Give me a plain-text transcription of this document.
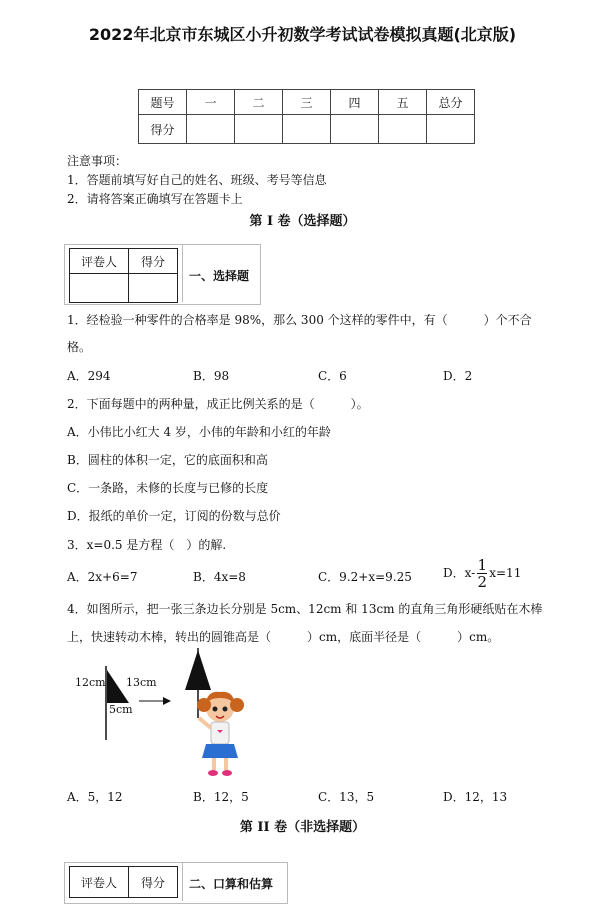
2022年北京市东城区小升初数学考试试卷模拟真题(北京版)
题号	一	二	三	四	五	总分
得分						
注意事项：
1．答题前填写好自己的姓名、班级、考号等信息
2．请将答案正确填写在答题卡上
第 I 卷（选择题）
评卷人	得分

一、选择题
1．经检验一种零件的合格率是 98%，那么 300 个这样的零件中，有（　　　）个不合
格。
A．294	B．98	C．6	D．2
2．下面每题中的两种量，成正比例关系的是（　　　）。
A．小伟比小红大 4 岁，小伟的年龄和小红的年龄
B．圆柱的体积一定，它的底面积和高
C．一条路，未修的长度与已修的长度
D．报纸的单价一定，订阅的份数与总价
3．x=0.5 是方程（　）的解.
A．2x+6=7	B．4x=8	C．9.2+x=9.25	D．$x- \frac{1}{2} x=11$
4．如图所示，把一张三条边长分别是 5cm、12cm 和 13cm 的直角三角形硬纸贴在木棒
上，快速转动木棒，转出的圆锥高是（　　　）cm，底面半径是（　　　）cm。
12cm 13cm
5cm
A．5，12	B．12，5	C．13，5	D．12，13
第 II 卷（非选择题）
评卷人	得分 二、口算和估算
